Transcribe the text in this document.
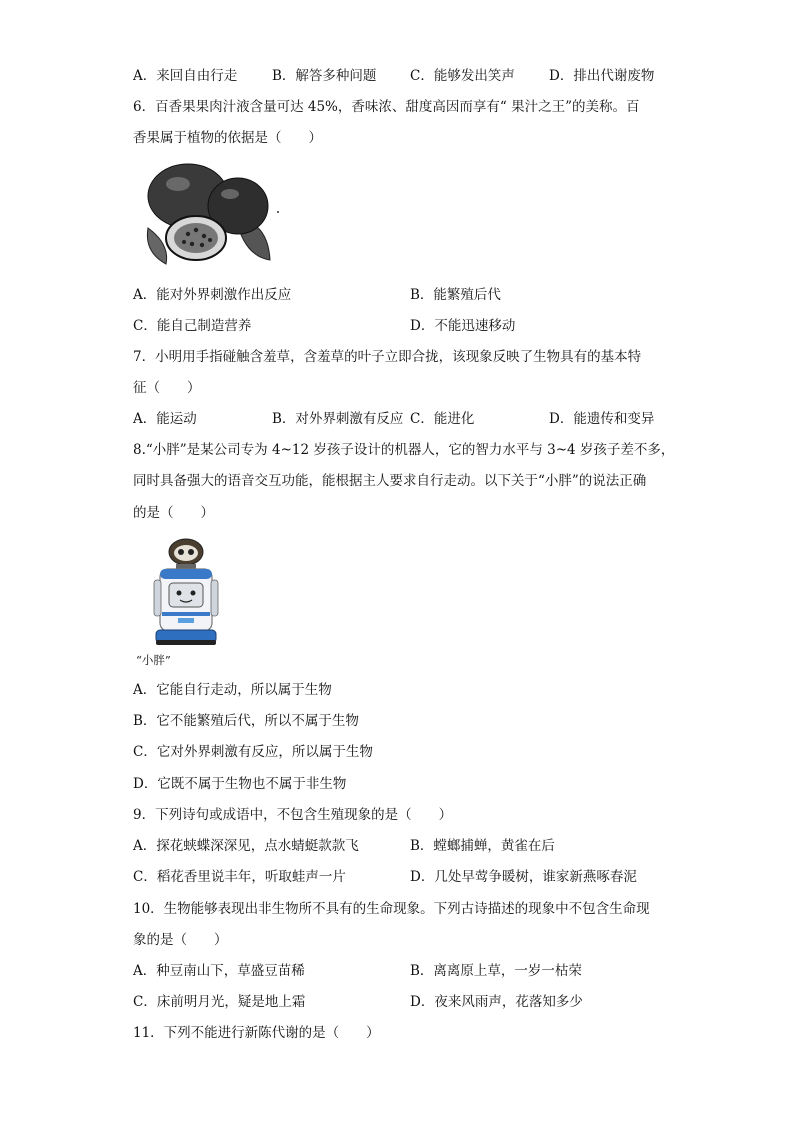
A．来回自由行走	B．解答多种问题 C．能够发出笑声	D．排出代谢废物
6．百香果果肉汁液含量可达 45%，香味浓、甜度高因而享有“ 果汁之王”的美称。百
香果属于植物的依据是（　　）
A．能对外界刺激作出反应	B．能繁殖后代
C．能自己制造营养	D．不能迅速移动
7．小明用手指碰触含羞草，含羞草的叶子立即合拢，该现象反映了生物具有的基本特
征（　　）
A．能运动	B．对外界刺激有反应 C．能进化	D．能遗传和变异
8.“小胖”是某公司专为 4~12 岁孩子设计的机器人，它的智力水平与 3~4 岁孩子差不多，
同时具备强大的语音交互功能，能根据主人要求自行走动。以下关于“小胖”的说法正确
的是（　　）
“小胖”
A．它能自行走动，所以属于生物
B．它不能繁殖后代，所以不属于生物
C．它对外界刺激有反应，所以属于生物
D．它既不属于生物也不属于非生物
9．下列诗句或成语中，不包含生殖现象的是（　　）
A．探花蛱蝶深深见，点水蜻蜓款款飞	B．螳螂捕蝉，黄雀在后
C．稻花香里说丰年，听取蛙声一片	D．几处早莺争暖树，谁家新燕啄春泥
10．生物能够表现出非生物所不具有的生命现象。下列古诗描述的现象中不包含生命现
象的是（　　）
A．种豆南山下，草盛豆苗稀	B．离离原上草，一岁一枯荣
C．床前明月光，疑是地上霜	D．夜来风雨声，花落知多少
11．下列不能进行新陈代谢的是（　　）
